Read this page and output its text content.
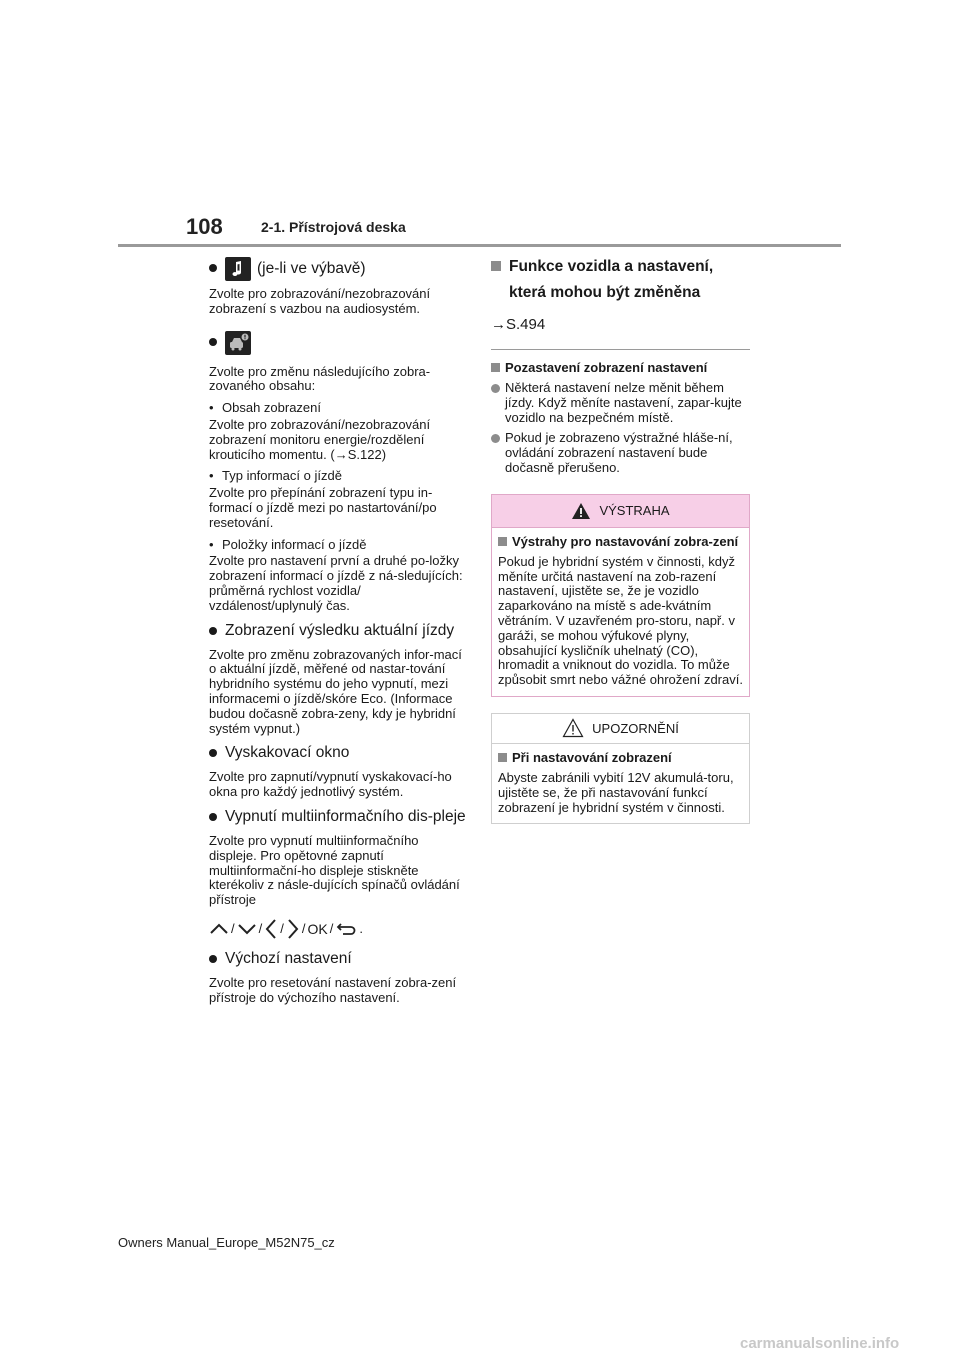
108	2-1. Přístrojová deska
(je-li ve výbavě)
Zvolte pro zobrazování/nezobrazování zobrazení s vazbou na audiosystém.
Zvolte pro změnu následujícího zobra-zovaného obsahu:
• Obsah zobrazení
Zvolte pro zobrazování/nezobrazování zobrazení monitoru energie/rozdělení krouticího momentu. (→S.122)
• Typ informací o jízdě
Zvolte pro přepínání zobrazení typu in-formací o jízdě mezi po nastartování/po resetování.
• Položky informací o jízdě
Zvolte pro nastavení první a druhé po-ložky zobrazení informací o jízdě z ná-sledujících: průměrná rychlost vozidla/ vzdálenost/uplynulý čas.
Zobrazení výsledku aktuální jízdy
Zvolte pro změnu zobrazovaných infor-mací o aktuální jízdě, měřené od nastar-tování hybridního systému do jeho vypnutí, mezi informacemi o jízdě/skóre Eco. (Informace budou dočasně zobra-zeny, kdy je hybridní systém vypnut.)
Vyskakovací okno
Zvolte pro zapnutí/vypnutí vyskakovací-ho okna pro každý jednotlivý systém.
Vypnutí multiinformačního dis-pleje
Zvolte pro vypnutí multiinformačního displeje. Pro opětovné zapnutí multiinformační-ho displeje stiskněte kterékoliv z násle-dujících spínačů ovládání přístroje
/ / / / OK / .
Výchozí nastavení
Zvolte pro resetování nastavení zobra-zení přístroje do výchozího nastavení.
Funkce vozidla a nastavení, která mohou být změněna
→S.494
Pozastavení zobrazení nastavení
Některá nastavení nelze měnit během jízdy. Když měníte nastavení, zapar-kujte vozidlo na bezpečném místě.
Pokud je zobrazeno výstražné hláše-ní, ovládání zobrazení nastavení bude dočasně přerušeno.
VÝSTRAHA
Výstrahy pro nastavování zobra-zení
Pokud je hybridní systém v činnosti, když měníte určitá nastavení na zob-razení nastavení, ujistěte se, že je vozidlo zaparkováno na místě s ade-kvátním větráním. V uzavřeném pro-storu, např. v garáži, se mohou výfukové plyny, obsahující kysličník uhelnatý (CO), hromadit a vniknout do vozidla. To může způsobit smrt nebo vážné ohrožení zdraví.
UPOZORNĚNÍ
Při nastavování zobrazení
Abyste zabránili vybití 12V akumulá-toru, ujistěte se, že při nastavování funkcí zobrazení je hybridní systém v činnosti.
Owners Manual_Europe_M52N75_cz
carmanualsonline.info
